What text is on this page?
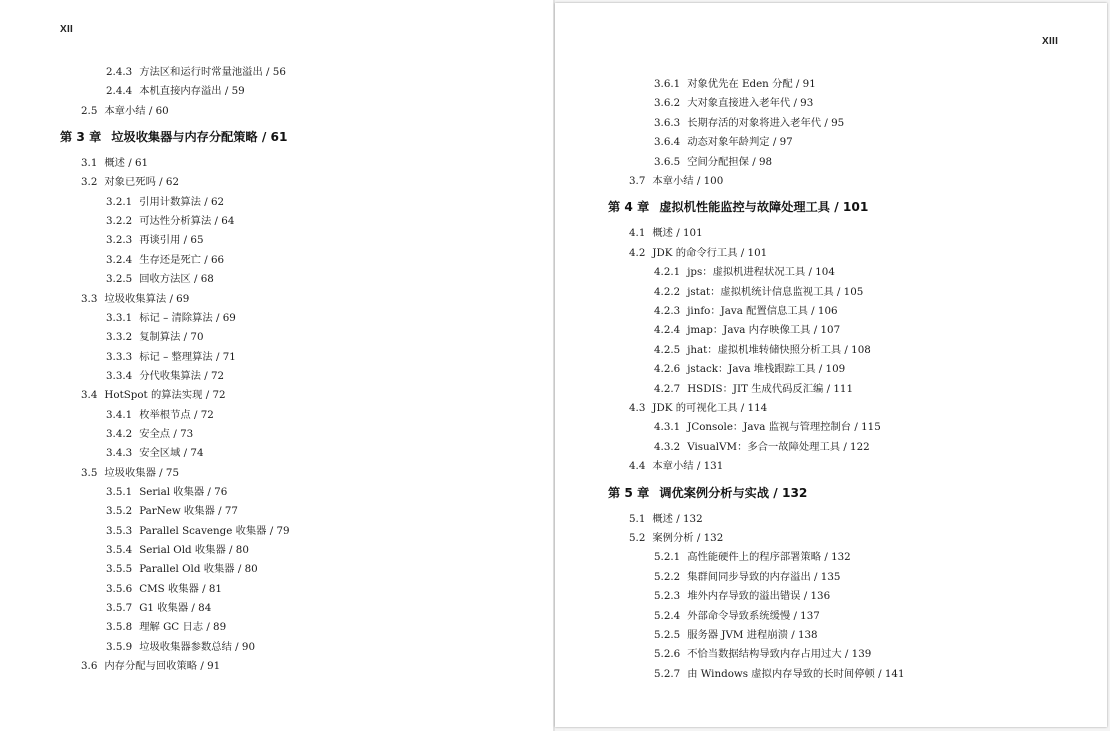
XII
2.4.3 方法区和运行时常量池溢出 / 56
2.4.4 本机直接内存溢出 / 59
2.5 本章小结 / 60
第 3 章 垃圾收集器与内存分配策略 / 61
3.1 概述 / 61
3.2 对象已死吗 / 62
3.2.1 引用计数算法 / 62
3.2.2 可达性分析算法 / 64
3.2.3 再谈引用 / 65
3.2.4 生存还是死亡 / 66
3.2.5 回收方法区 / 68
3.3 垃圾收集算法 / 69
3.3.1 标记 – 清除算法 / 69
3.3.2 复制算法 / 70
3.3.3 标记 – 整理算法 / 71
3.3.4 分代收集算法 / 72
3.4 HotSpot 的算法实现 / 72
3.4.1 枚举根节点 / 72
3.4.2 安全点 / 73
3.4.3 安全区域 / 74
3.5 垃圾收集器 / 75
3.5.1 Serial 收集器 / 76
3.5.2 ParNew 收集器 / 77
3.5.3 Parallel Scavenge 收集器 / 79
3.5.4 Serial Old 收集器 / 80
3.5.5 Parallel Old 收集器 / 80
3.5.6 CMS 收集器 / 81
3.5.7 G1 收集器 / 84
3.5.8 理解 GC 日志 / 89
3.5.9 垃圾收集器参数总结 / 90
3.6 内存分配与回收策略 / 91
XIII
3.6.1 对象优先在 Eden 分配 / 91
3.6.2 大对象直接进入老年代 / 93
3.6.3 长期存活的对象将进入老年代 / 95
3.6.4 动态对象年龄判定 / 97
3.6.5 空间分配担保 / 98
3.7 本章小结 / 100
第 4 章 虚拟机性能监控与故障处理工具 / 101
4.1 概述 / 101
4.2 JDK 的命令行工具 / 101
4.2.1 jps：虚拟机进程状况工具 / 104
4.2.2 jstat：虚拟机统计信息监视工具 / 105
4.2.3 jinfo：Java 配置信息工具 / 106
4.2.4 jmap：Java 内存映像工具 / 107
4.2.5 jhat：虚拟机堆转储快照分析工具 / 108
4.2.6 jstack：Java 堆栈跟踪工具 / 109
4.2.7 HSDIS：JIT 生成代码反汇编 / 111
4.3 JDK 的可视化工具 / 114
4.3.1 JConsole：Java 监视与管理控制台 / 115
4.3.2 VisualVM：多合一故障处理工具 / 122
4.4 本章小结 / 131
第 5 章 调优案例分析与实战 / 132
5.1 概述 / 132
5.2 案例分析 / 132
5.2.1 高性能硬件上的程序部署策略 / 132
5.2.2 集群间同步导致的内存溢出 / 135
5.2.3 堆外内存导致的溢出错误 / 136
5.2.4 外部命令导致系统缓慢 / 137
5.2.5 服务器 JVM 进程崩溃 / 138
5.2.6 不恰当数据结构导致内存占用过大 / 139
5.2.7 由 Windows 虚拟内存导致的长时间停顿 / 141
